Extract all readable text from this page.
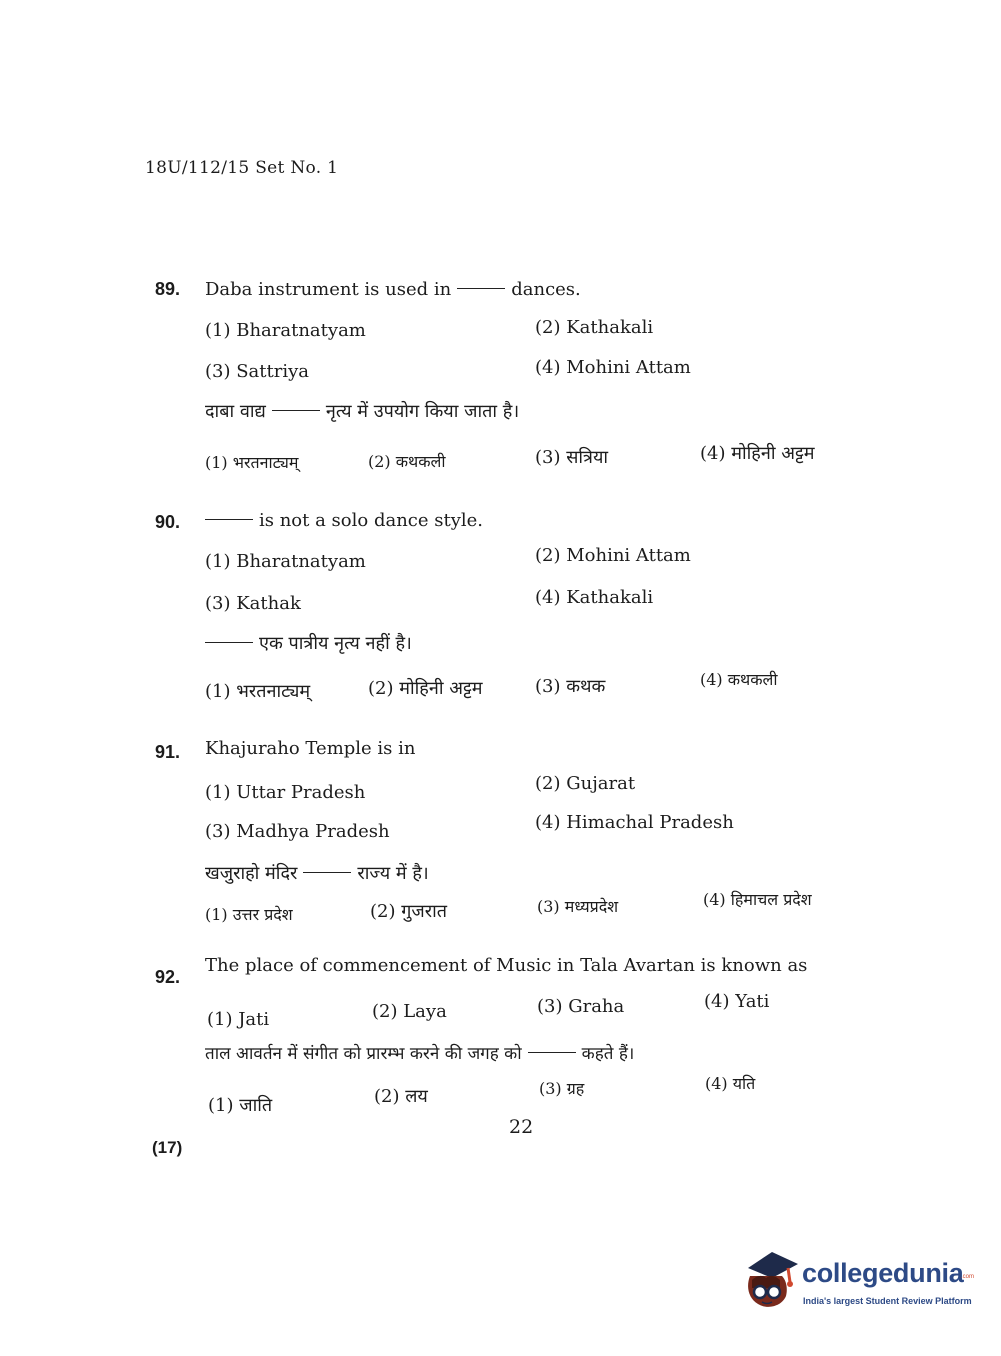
18U/112/15 Set No. 1
89. Daba instrument is used in	dances.
(1) Bharatnatyam	(2) Kathakali
(3) Sattriya	(4) Mohini Attam
दाबा वाद्य	नृत्य में उपयोग किया जाता है।
(1) भरतनाट्यम्	(2) कथकली	(3) सत्रिया	(4) मोहिनी अट्टम
90.	is not a solo dance style.
(1) Bharatnatyam	(2) Mohini Attam
(3) Kathak	(4) Kathakali
एक पात्रीय नृत्य नहीं है।
(1) भरतनाट्यम्	(2) मोहिनी अट्टम	(3) कथक	(4) कथकली
91. Khajuraho Temple is in
(1) Uttar Pradesh	(2) Gujarat
(3) Madhya Pradesh	(4) Himachal Pradesh
खजुराहो मंदिर	राज्य में है।
(1) उत्तर प्रदेश	(2) गुजरात	(3) मध्यप्रदेश	(4) हिमाचल प्रदेश
92.
The place of commencement of Music in Tala Avartan is known as
(1) Jati	(2) Laya	(3) Graha	(4) Yati
ताल आवर्तन में संगीत को प्रारम्भ करने की जगह को	कहते हैं।
(1) जाति	(2) लय	(3) ग्रह	(4) यति
22
(17)
collegedunia
.com
India's largest Student Review Platform
